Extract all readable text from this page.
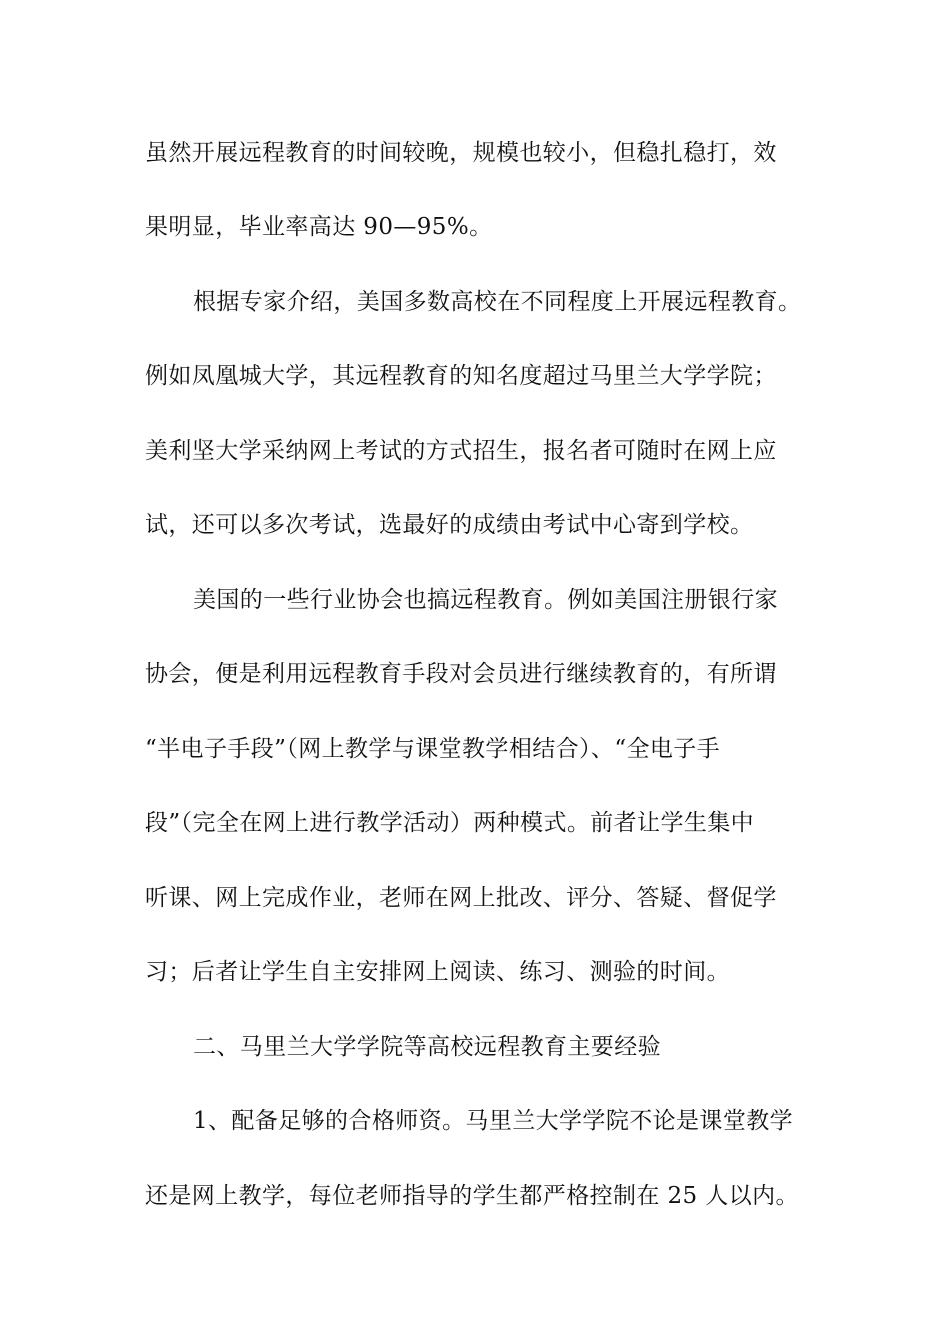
虽然开展远程教育的时间较晚，规模也较小，但稳扎稳打，效
果明显，毕业率高达 90—95%。
根据专家介绍，美国多数高校在不同程度上开展远程教育。
例如凤凰城大学，其远程教育的知名度超过马里兰大学学院；
美利坚大学采纳网上考试的方式招生，报名者可随时在网上应
试，还可以多次考试，选最好的成绩由考试中心寄到学校。
美国的一些行业协会也搞远程教育。例如美国注册银行家
协会，便是利用远程教育手段对会员进行继续教育的，有所谓
“半电子手段”（网上教学与课堂教学相结合）、“全电子手
段”（完全在网上进行教学活动）两种模式。前者让学生集中
听课、网上完成作业，老师在网上批改、评分、答疑、督促学
习；后者让学生自主安排网上阅读、练习、测验的时间。
二、马里兰大学学院等高校远程教育主要经验
1、配备足够的合格师资。马里兰大学学院不论是课堂教学
还是网上教学，每位老师指导的学生都严格控制在 25 人以内。
